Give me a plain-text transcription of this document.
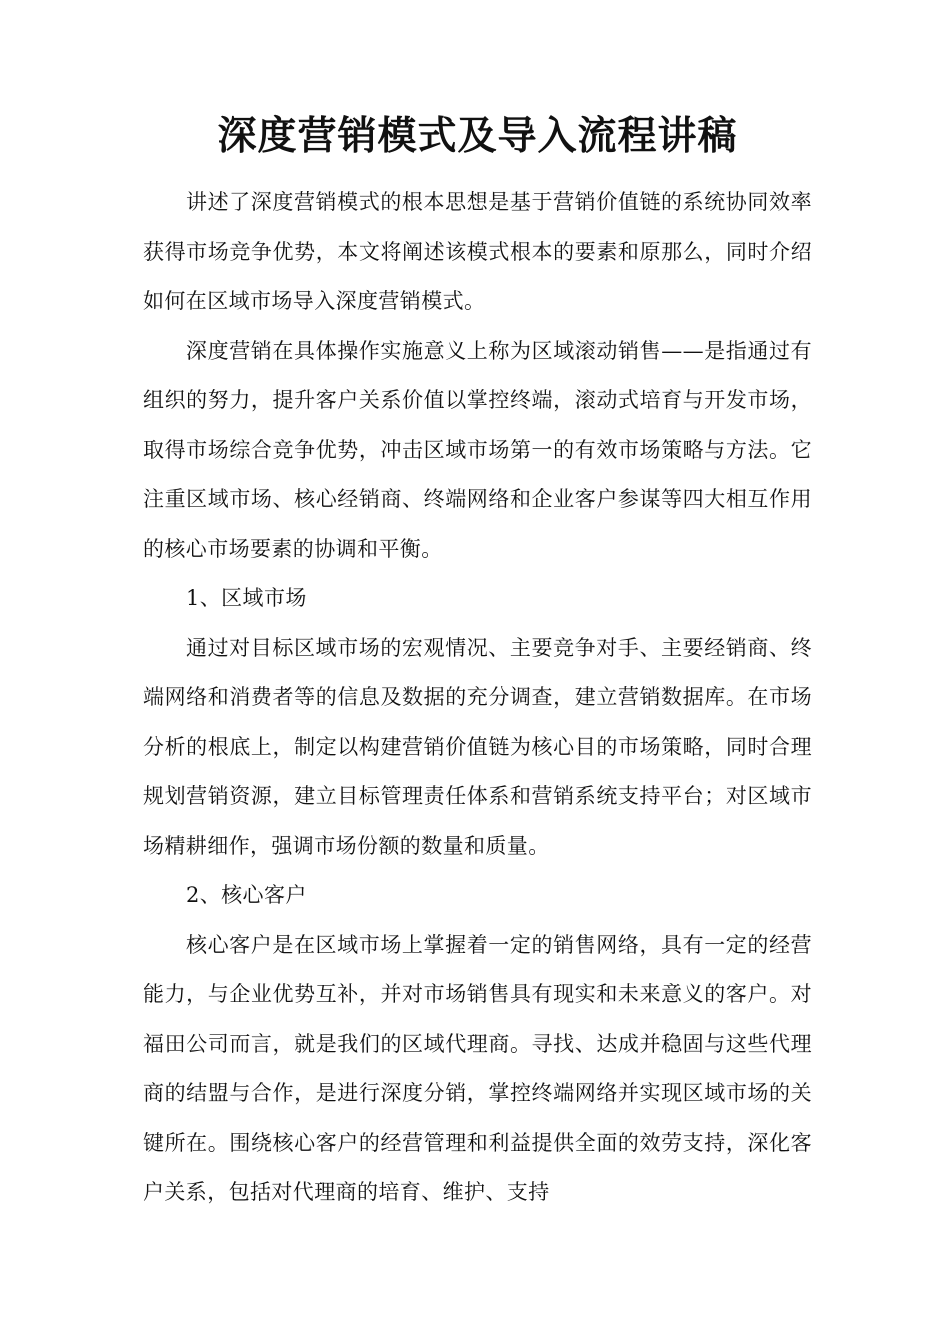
深度营销模式及导入流程讲稿

讲述了深度营销模式的根本思想是基于营销价值链的系统协同效率获得市场竞争优势，本文将阐述该模式根本的要素和原那么，同时介绍如何在区域市场导入深度营销模式。

深度营销在具体操作实施意义上称为区域滚动销售——是指通过有组织的努力，提升客户关系价值以掌控终端，滚动式培育与开发市场，取得市场综合竞争优势，冲击区域市场第一的有效市场策略与方法。它注重区域市场、核心经销商、终端网络和企业客户参谋等四大相互作用的核心市场要素的协调和平衡。

1、区域市场

通过对目标区域市场的宏观情况、主要竞争对手、主要经销商、终端网络和消费者等的信息及数据的充分调查，建立营销数据库。在市场分析的根底上，制定以构建营销价值链为核心目的市场策略，同时合理规划营销资源，建立目标管理责任体系和营销系统支持平台；对区域市场精耕细作，强调市场份额的数量和质量。

2、核心客户

核心客户是在区域市场上掌握着一定的销售网络，具有一定的经营能力，与企业优势互补，并对市场销售具有现实和未来意义的客户。对福田公司而言，就是我们的区域代理商。寻找、达成并稳固与这些代理商的结盟与合作，是进行深度分销，掌控终端网络并实现区域市场的关键所在。围绕核心客户的经营管理和利益提供全面的效劳支持，深化客户关系，包括对代理商的培育、维护、支持
